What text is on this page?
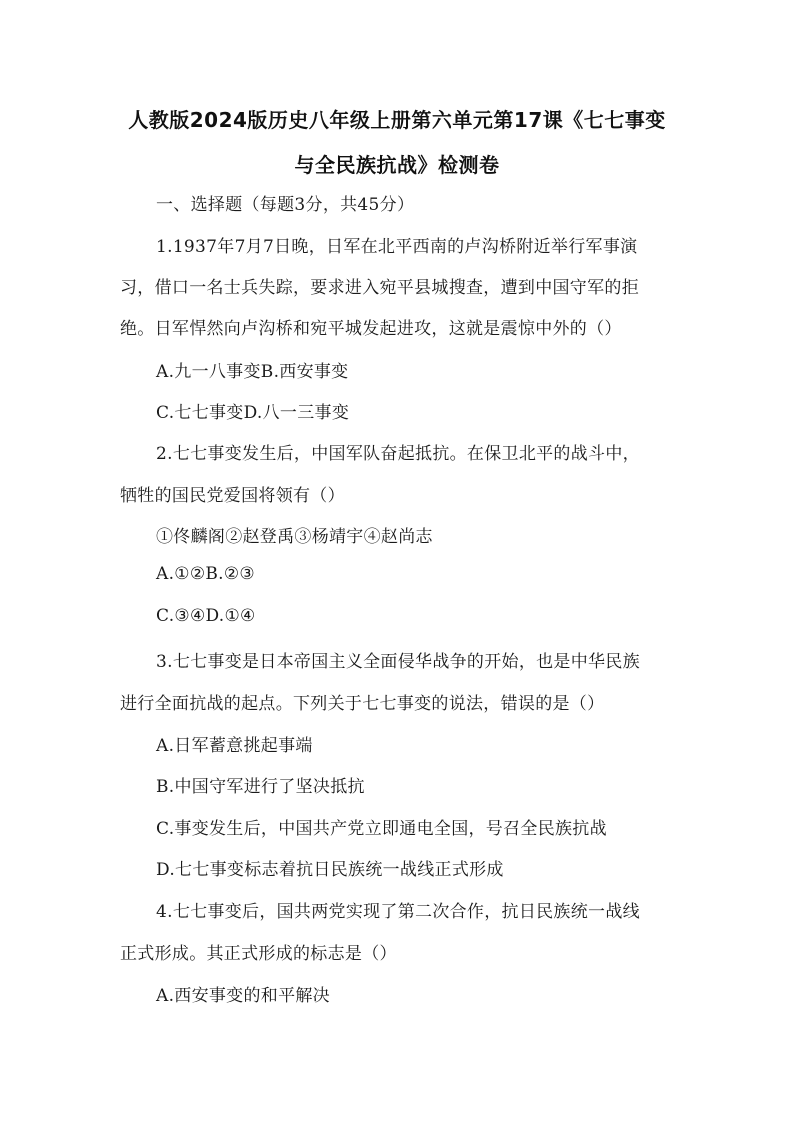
人教版2024版历史八年级上册第六单元第17课《七七事变
与全民族抗战》检测卷
一、选择题（每题3分，共45分）
1.1937年7月7日晚，日军在北平西南的卢沟桥附近举行军事演
习，借口一名士兵失踪，要求进入宛平县城搜查，遭到中国守军的拒
绝。日军悍然向卢沟桥和宛平城发起进攻，这就是震惊中外的（）
A.九一八事变B.西安事变
C.七七事变D.八一三事变
2.七七事变发生后，中国军队奋起抵抗。在保卫北平的战斗中，
牺牲的国民党爱国将领有（）
①佟麟阁②赵登禹③杨靖宇④赵尚志
A.①②B.②③
C.③④D.①④
3.七七事变是日本帝国主义全面侵华战争的开始，也是中华民族
进行全面抗战的起点。下列关于七七事变的说法，错误的是（）
A.日军蓄意挑起事端
B.中国守军进行了坚决抵抗
C.事变发生后，中国共产党立即通电全国，号召全民族抗战
D.七七事变标志着抗日民族统一战线正式形成
4.七七事变后，国共两党实现了第二次合作，抗日民族统一战线
正式形成。其正式形成的标志是（）
A.西安事变的和平解决
